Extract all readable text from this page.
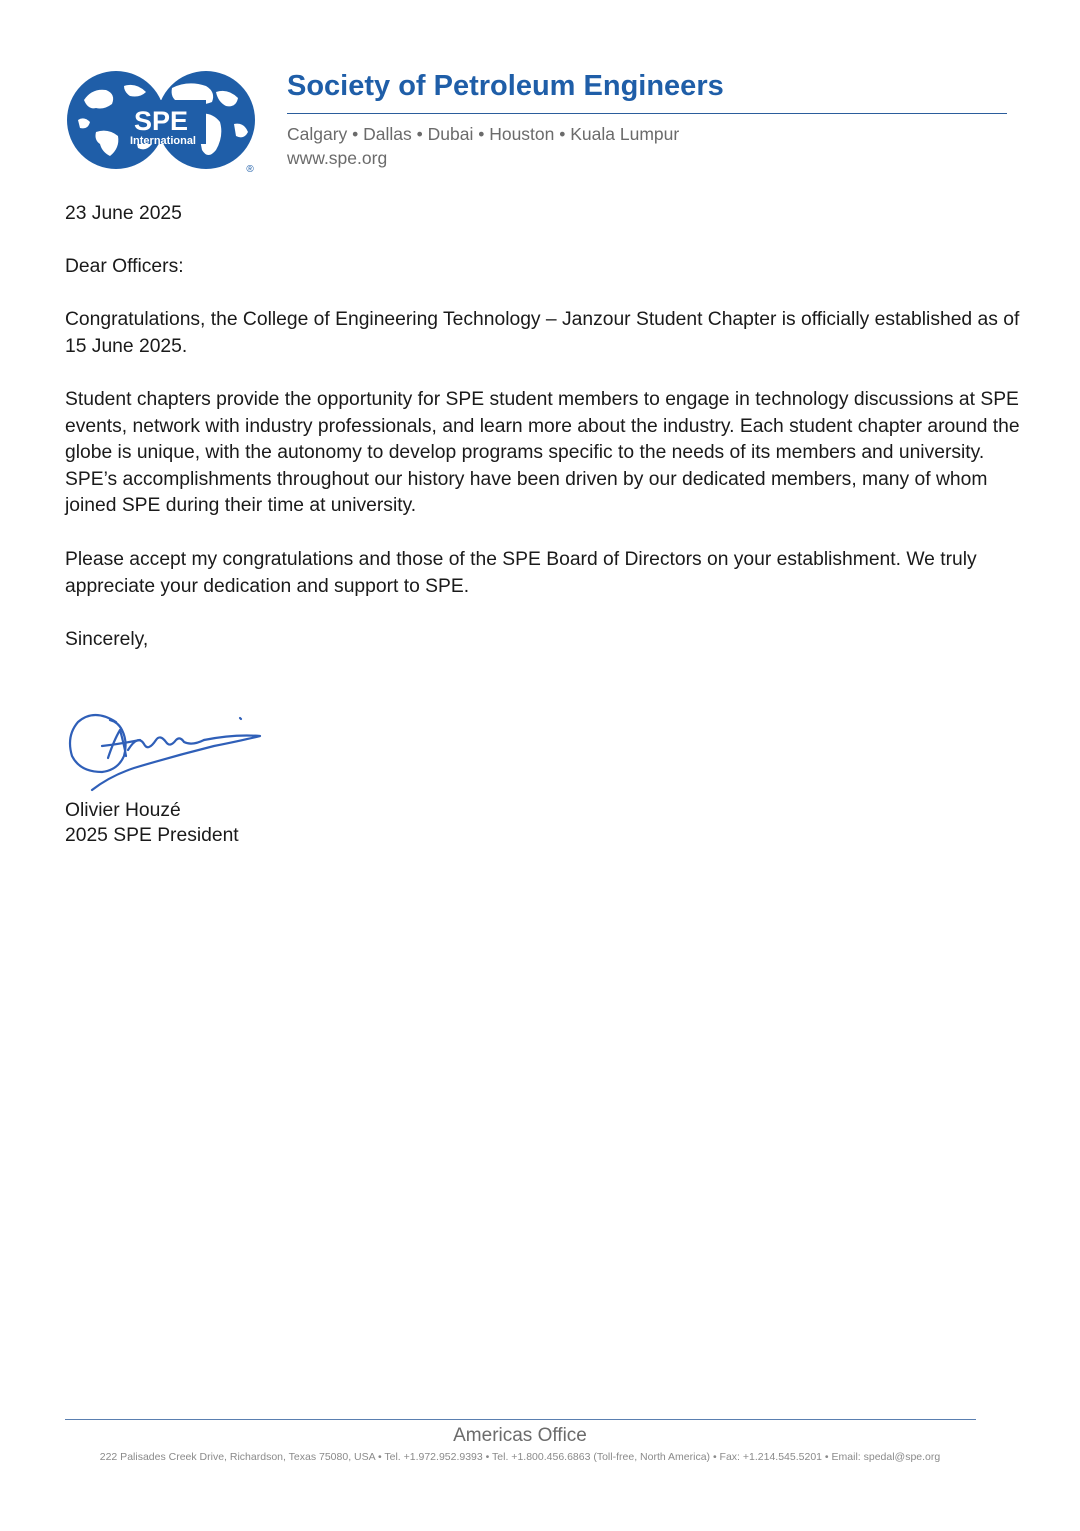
SPE
International
®
Society of Petroleum Engineers
Calgary • Dallas • Dubai • Houston • Kuala Lumpur
www.spe.org

23 June 2025

Dear Officers:

Congratulations, the College of Engineering Technology – Janzour Student Chapter is officially established as of 15 June 2025.

Student chapters provide the opportunity for SPE student members to engage in technology discussions at SPE events, network with industry professionals, and learn more about the industry. Each student chapter around the globe is unique, with the autonomy to develop programs specific to the needs of its members and university. SPE’s accomplishments throughout our history have been driven by our dedicated members, many of whom joined SPE during their time at university.

Please accept my congratulations and those of the SPE Board of Directors on your establishment. We truly appreciate your dedication and support to SPE.

Sincerely,

Olivier Houzé

2025 SPE President

Americas Office
222 Palisades Creek Drive, Richardson, Texas 75080, USA • Tel. +1.972.952.9393 • Tel. +1.800.456.6863 (Toll-free, North America) • Fax: +1.214.545.5201 • Email: spedal@spe.org
